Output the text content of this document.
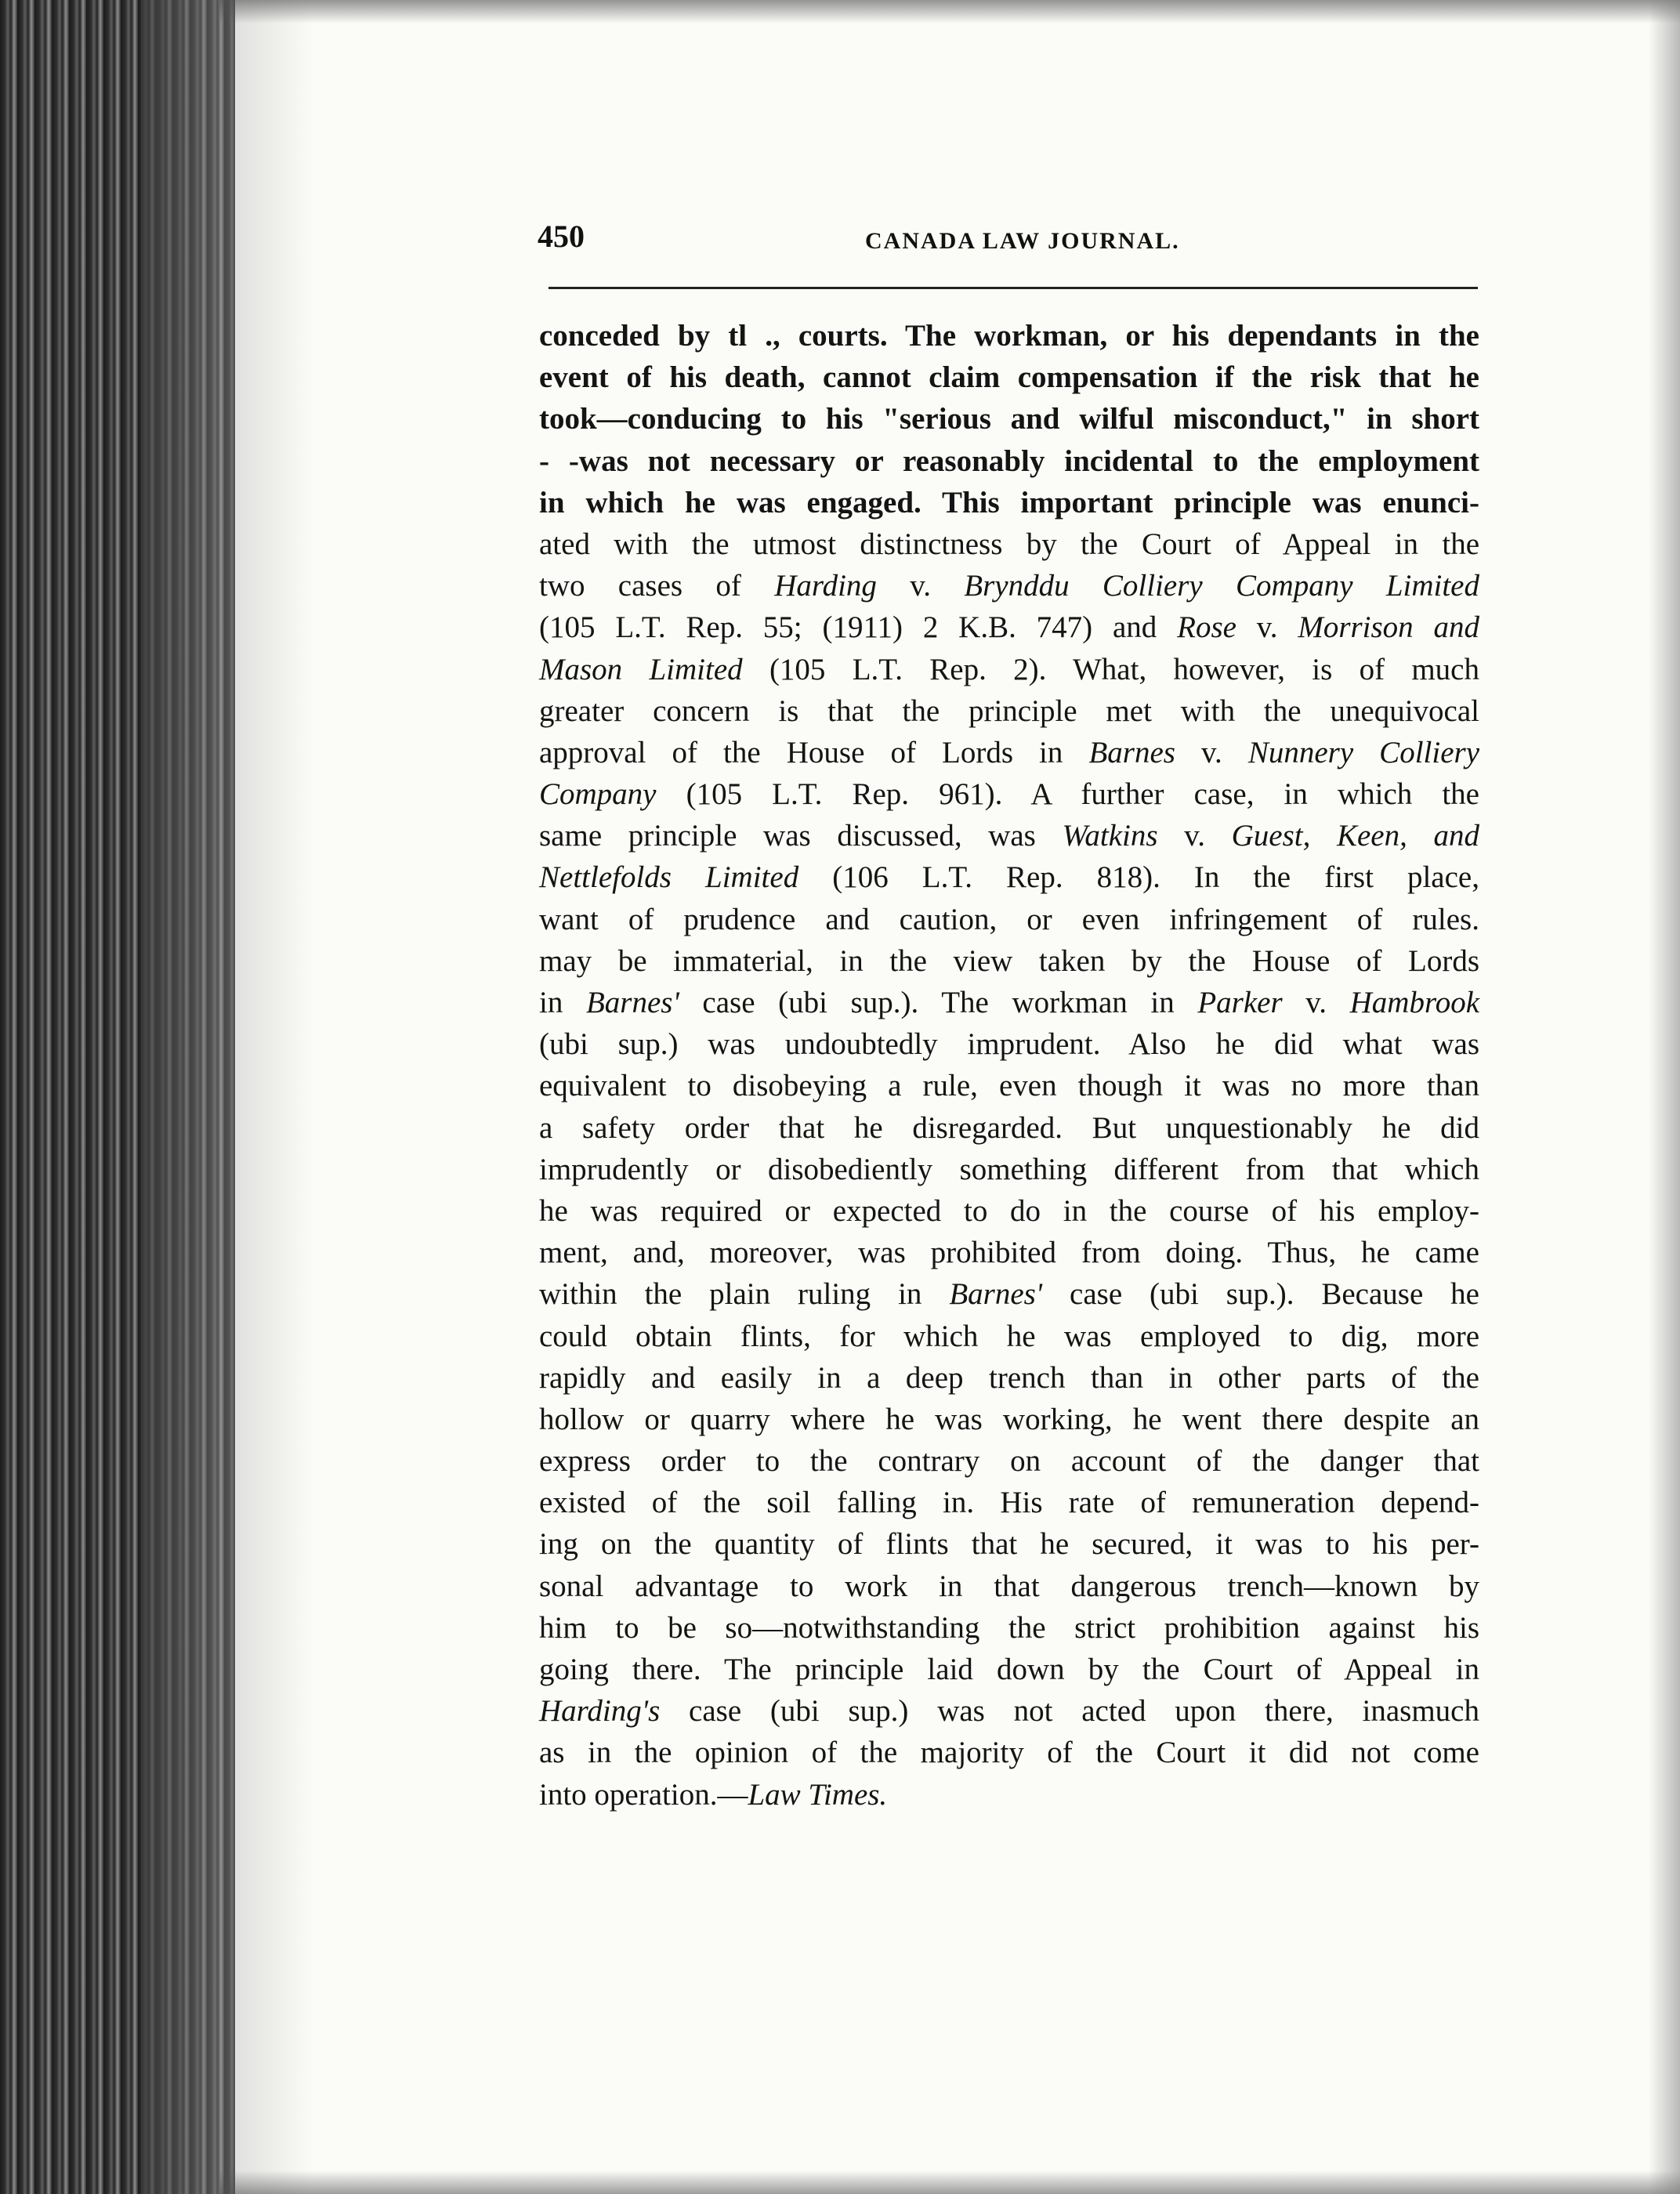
450	CANADA LAW JOURNAL.
conceded by tl ., courts. The workman, or his dependants in the
event of his death, cannot claim compensation if the risk that he
took—conducing to his "serious and wilful misconduct," in short
- -was not necessary or reasonably incidental to the employment
in which he was engaged. This important principle was enunci-
ated with the utmost distinctness by the Court of Appeal in the
two cases of Harding v. Brynddu Colliery Company Limited
(105 L.T. Rep. 55; (1911) 2 K.B. 747) and Rose v. Morrison and
Mason Limited (105 L.T. Rep. 2). What, however, is of much
greater concern is that the principle met with the unequivocal
approval of the House of Lords in Barnes v. Nunnery Colliery
Company (105 L.T. Rep. 961). A further case, in which the
same principle was discussed, was Watkins v. Guest, Keen, and
Nettlefolds Limited (106 L.T. Rep. 818). In the first place,
want of prudence and caution, or even infringement of rules.
may be immaterial, in the view taken by the House of Lords
in Barnes' case (ubi sup.). The workman in Parker v. Hambrook
(ubi sup.) was undoubtedly imprudent. Also he did what was
equivalent to disobeying a rule, even though it was no more than
a safety order that he disregarded. But unquestionably he did
imprudently or disobediently something different from that which
he was required or expected to do in the course of his employ-
ment, and, moreover, was prohibited from doing. Thus, he came
within the plain ruling in Barnes' case (ubi sup.). Because he
could obtain flints, for which he was employed to dig, more
rapidly and easily in a deep trench than in other parts of the
hollow or quarry where he was working, he went there despite an
express order to the contrary on account of the danger that
existed of the soil falling in. His rate of remuneration depend-
ing on the quantity of flints that he secured, it was to his per-
sonal advantage to work in that dangerous trench—known by
him to be so—notwithstanding the strict prohibition against his
going there. The principle laid down by the Court of Appeal in
Harding's case (ubi sup.) was not acted upon there, inasmuch
as in the opinion of the majority of the Court it did not come
into operation.—Law Times.
